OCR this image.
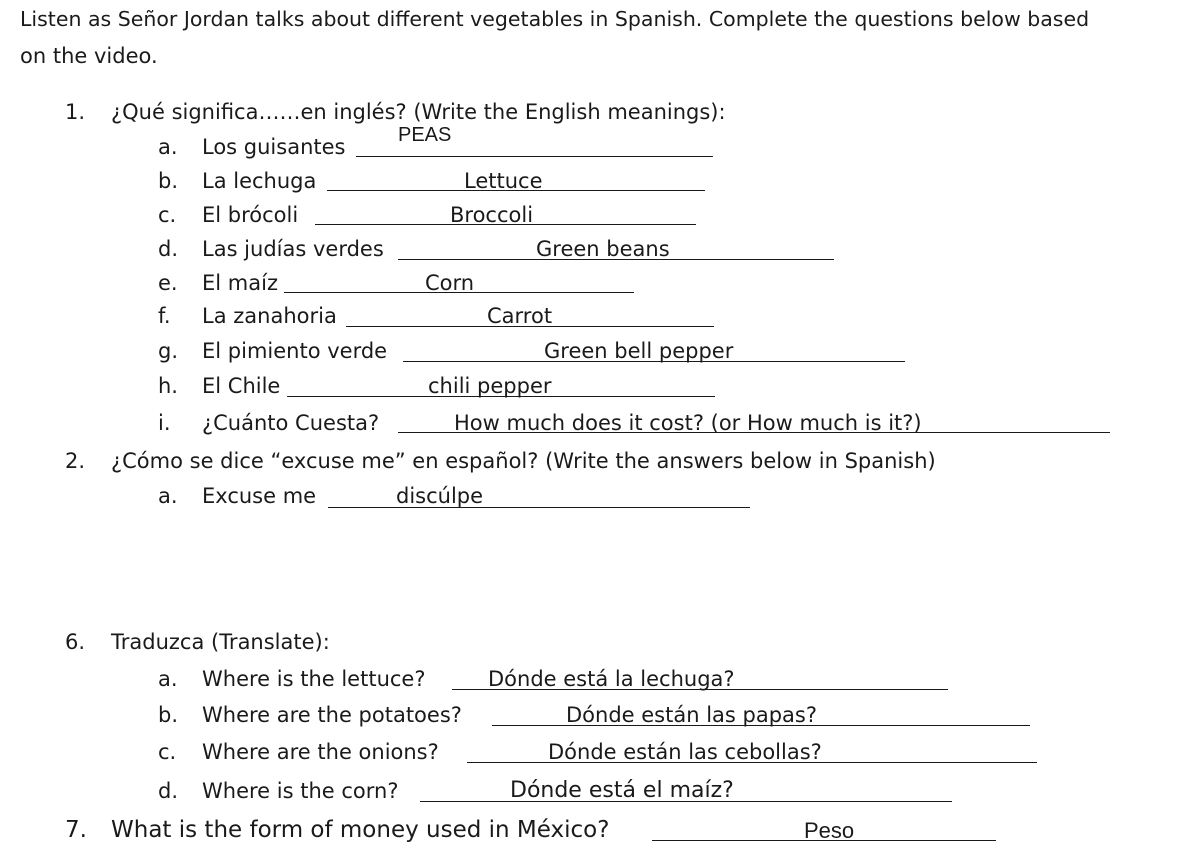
Listen as Señor Jordan talks about different vegetables in Spanish. Complete the questions below based
on the video.
1. ¿Qué significa……en inglés? (Write the English meanings):
a. Los guisantes	PEAS
b. La lechuga	Lettuce
c. El brócoli	Broccoli
d. Las judías verdes	Green beans
e. El maíz	Corn
f. La zanahoria	Carrot
g. El pimiento verde	Green bell pepper
h. El Chile	chili pepper
i. ¿Cuánto Cuesta?	How much does it cost? (or How much is it?)
2. ¿Cómo se dice “excuse me” en español? (Write the answers below in Spanish)
a. Excuse me	discúlpe
6. Traduzca (Translate):
a. Where is the lettuce?	Dónde está la lechuga?
b. Where are the potatoes?	Dónde están las papas?
c. Where are the onions?	Dónde están las cebollas?
d. Where is the corn?	Dónde está el maíz?
7. What is the form of money used in México?	Peso
